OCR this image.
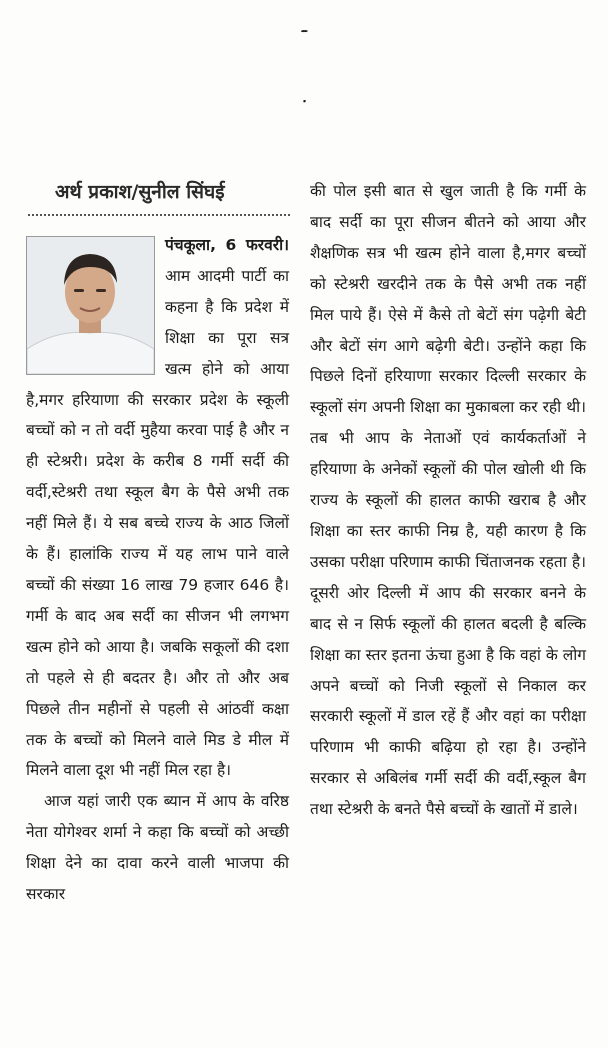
बच्चों को नहीं मिले गर्मी सर्दी की वर्दियां
स्कूल बैग व स्टेशनरी के पैसे : योगेश्वर
अर्थ प्रकाश/सुनील सिंघई

पंचकूला, 6 फरवरी। आम आदमी पार्टी का कहना है कि प्रदेश में शिक्षा का पूरा सत्र खत्म होने को आया है,मगर हरियाणा की सरकार प्रदेश के स्कूली बच्चों को न तो वर्दी मुहैया करवा पाई है और न ही स्टेश्ररी। प्रदेश के करीब 8 गर्मी सर्दी की वर्दी,स्टेश्ररी तथा स्कूल बैग के पैसे अभी तक नहीं मिले हैं। ये सब बच्चे राज्य के आठ जिलों के हैं। हालांकि राज्य में यह लाभ पाने वाले बच्चों की संख्या 16 लाख 79 हजार 646 है। गर्मी के बाद अब सर्दी का सीजन भी लगभग खत्म होने को आया है। जबकि सकूलों की दशा तो पहले से ही बदतर है। और तो और अब पिछले तीन महीनों से पहली से आंठवीं कक्षा तक के बच्चों को मिलने वाले मिड डे मील में मिलने वाला दूश भी नहीं मिल रहा है।

आज यहां जारी एक ब्यान में आप के वरिष्ठ नेता योगेश्वर शर्मा ने कहा कि बच्चों को अच्छी शिक्षा देने का दावा करने वाली भाजपा की सरकार

की पोल इसी बात से खुल जाती है कि गर्मी के बाद सर्दी का पूरा सीजन बीतने को आया और शैक्षणिक सत्र भी खत्म होने वाला है,मगर बच्चों को स्टेश्ररी खरदीने तक के पैसे अभी तक नहीं मिल पाये हैं। ऐसे में कैसे तो बेटों संग पढ़ेगी बेटी और बेटों संग आगे बढ़ेगी बेटी। उन्होंने कहा कि पिछले दिनों हरियाणा सरकार दिल्ली सरकार के स्कूलों संग अपनी शिक्षा का मुकाबला कर रही थी। तब भी आप के नेताओं एवं कार्यकर्ताओं ने हरियाणा के अनेकों स्कूलों की पोल खोली थी कि राज्य के स्कूलों की हालत काफी खराब है और शिक्षा का स्तर काफी निम्र है, यही कारण है कि उसका परीक्षा परिणाम काफी चिंताजनक रहता है। दूसरी ओर दिल्ली में आप की सरकार बनने के बाद से न सिर्फ स्कूलों की हालत बदली है बल्कि शिक्षा का स्तर इतना ऊंचा हुआ है कि वहां के लोग अपने बच्चों को निजी स्कूलों से निकाल कर सरकारी स्कूलों में डाल रहें हैं और वहां का परीक्षा परिणाम भी काफी बढ़िया हो रहा है। उन्होंने सरकार से अबिलंब गर्मी सर्दी की वर्दी,स्कूल बैग तथा स्टेश्ररी के बनते पैसे बच्चों के खातों में डाले।
